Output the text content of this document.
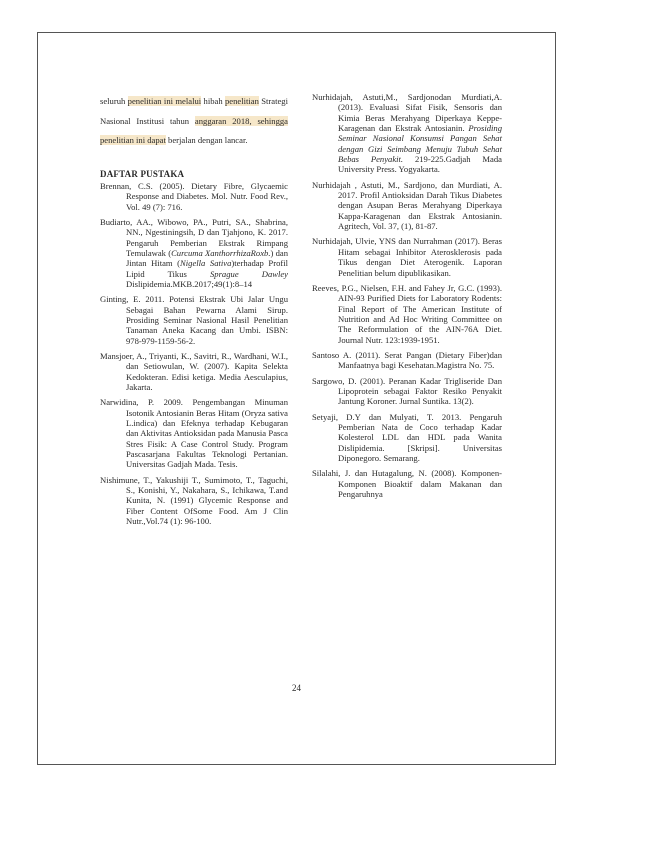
seluruh penelitian ini melalui hibah penelitian Strategi Nasional Institusi tahun anggaran 2018, sehingga penelitian ini dapat berjalan dengan lancar.

DAFTAR PUSTAKA

Brennan, C.S. (2005). Dietary Fibre, Glycaemic Response and Diabetes. Mol. Nutr. Food Rev., Vol. 49 (7): 716.

Budiarto, AA., Wibowo, PA., Putri, SA., Shabrina, NN., Ngestiningsih, D dan Tjahjono, K. 2017. Pengaruh Pemberian Ekstrak Rimpang Temulawak (Curcuma XanthorrhizaRoxb.) dan Jintan Hitam (Nigella Sativa)terhadap Profil Lipid Tikus Sprague Dawley Dislipidemia.MKB.2017;49(1):8–14

Ginting, E. 2011. Potensi Ekstrak Ubi Jalar Ungu Sebagai Bahan Pewarna Alami Sirup. Prosiding Seminar Nasional Hasil Penelitian Tanaman Aneka Kacang dan Umbi. ISBN: 978-979-1159-56-2.

Mansjoer, A., Triyanti, K., Savitri, R., Wardhani, W.I., dan Setiowulan, W. (2007). Kapita Selekta Kedokteran. Edisi ketiga. Media Aesculapius, Jakarta.

Narwidina, P. 2009. Pengembangan Minuman Isotonik Antosianin Beras Hitam (Oryza sativa L.indica) dan Efeknya terhadap Kebugaran dan Aktivitas Antioksidan pada Manusia Pasca Stres Fisik: A Case Control Study. Program Pascasarjana Fakultas Teknologi Pertanian. Universitas Gadjah Mada. Tesis.

Nishimune, T., Yakushiji T., Sumimoto, T., Taguchi, S., Konishi, Y., Nakahara, S., Ichikawa, T.and Kunita, N. (1991) Glycemic Response and Fiber Content OfSome Food. Am J Clin Nutr.,Vol.74 (1): 96-100.

Nurhidajah, Astuti,M., Sardjonodan Murdiati,A. (2013). Evaluasi Sifat Fisik, Sensoris dan Kimia Beras Merahyang Diperkaya Keppe-Karagenan dan Ekstrak Antosianin. Prosiding Seminar Nasional Konsumsi Pangan Sehat dengan Gizi Seimbang Menuju Tubuh Sehat Bebas Penyakit. 219-225.Gadjah Mada University Press. Yogyakarta.

Nurhidajah , Astuti, M., Sardjono, dan Murdiati, A. 2017. Profil Antioksidan Darah Tikus Diabetes dengan Asupan Beras Merahyang Diperkaya Kappa-Karagenan dan Ekstrak Antosianin. Agritech, Vol. 37, (1), 81-87.

Nurhidajah, Ulvie, YNS dan Nurrahman (2017). Beras Hitam sebagai Inhibitor Aterosklerosis pada Tikus dengan Diet Aterogenik. Laporan Penelitian belum dipublikasikan.

Reeves, P.G., Nielsen, F.H. and Fahey Jr, G.C. (1993). AIN-93 Purified Diets for Laboratory Rodents: Final Report of The American Institute of Nutrition and Ad Hoc Writing Committee on The Reformulation of the AIN-76A Diet. Journal Nutr. 123:1939-1951.

Santoso A. (2011). Serat Pangan (Dietary Fiber)dan Manfaatnya bagi Kesehatan.Magistra No. 75.

Sargowo, D. (2001). Peranan Kadar Trigliseride Dan Lipoprotein sebagai Faktor Resiko Penyakit Jantung Koroner. Jurnal Suntika. 13(2).

Setyaji, D.Y dan Mulyati, T. 2013. Pengaruh Pemberian Nata de Coco terhadap Kadar Kolesterol LDL dan HDL pada Wanita Dislipidemia. [Skripsi]. Universitas Diponegoro. Semarang.

Silalahi, J. dan Hutagalung, N. (2008). Komponen-Komponen Bioaktif dalam Makanan dan Pengaruhnya

24
